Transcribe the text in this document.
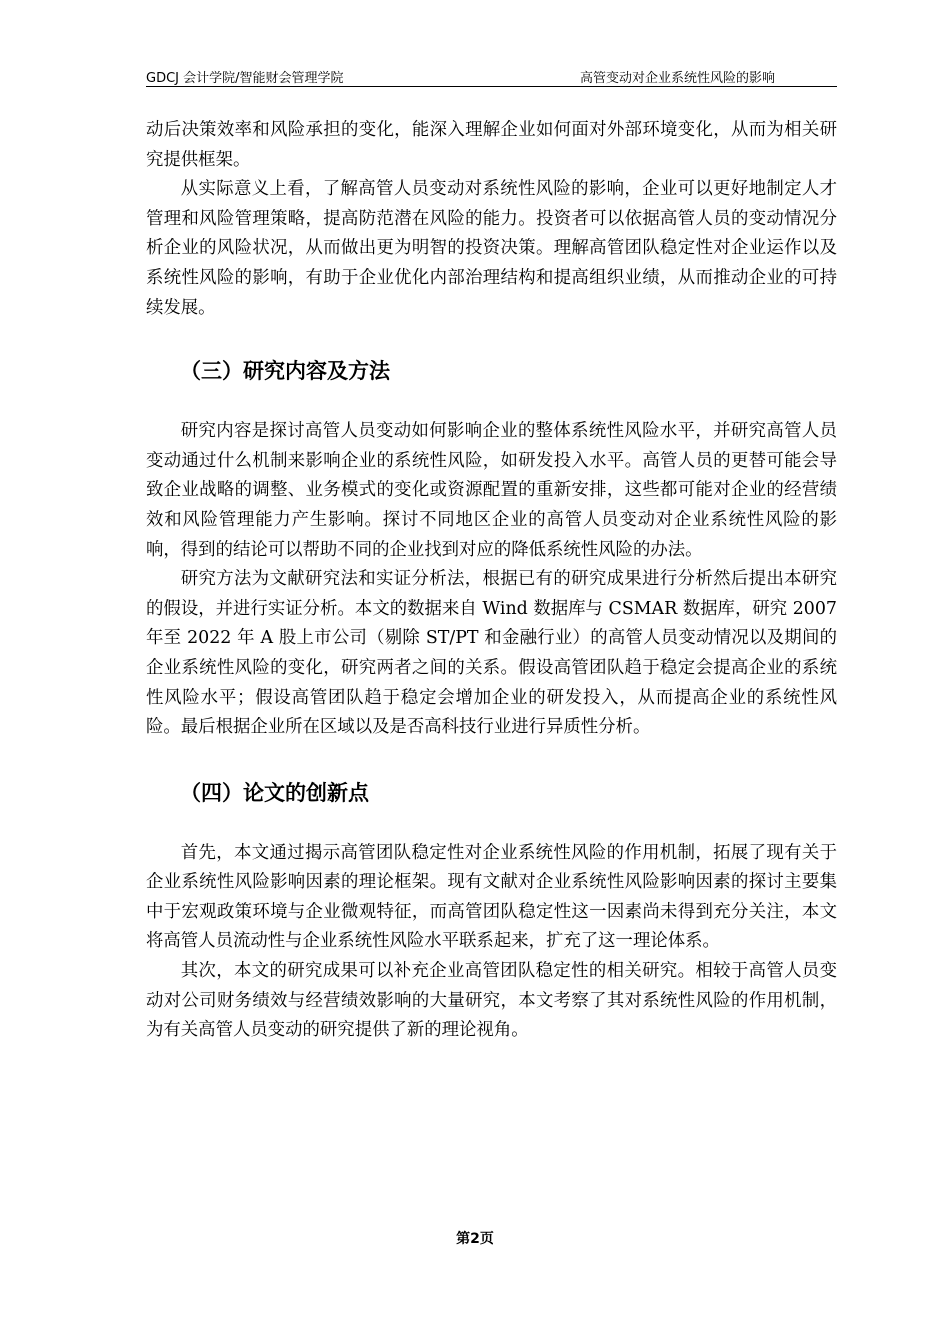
GDCJ 会计学院/智能财会管理学院	高管变动对企业系统性风险的影响

动后决策效率和风险承担的变化，能深入理解企业如何面对外部环境变化，从而为相关研究提供框架。

从实际意义上看，了解高管人员变动对系统性风险的影响，企业可以更好地制定人才管理和风险管理策略，提高防范潜在风险的能力。投资者可以依据高管人员的变动情况分析企业的风险状况，从而做出更为明智的投资决策。理解高管团队稳定性对企业运作以及系统性风险的影响，有助于企业优化内部治理结构和提高组织业绩，从而推动企业的可持续发展。

（三）研究内容及方法

研究内容是探讨高管人员变动如何影响企业的整体系统性风险水平，并研究高管人员变动通过什么机制来影响企业的系统性风险，如研发投入水平。高管人员的更替可能会导致企业战略的调整、业务模式的变化或资源配置的重新安排，这些都可能对企业的经营绩效和风险管理能力产生影响。探讨不同地区企业的高管人员变动对企业系统性风险的影响，得到的结论可以帮助不同的企业找到对应的降低系统性风险的办法。

研究方法为文献研究法和实证分析法，根据已有的研究成果进行分析然后提出本研究的假设，并进行实证分析。本文的数据来自 Wind 数据库与 CSMAR 数据库，研究 2007 年至 2022 年 A 股上市公司（剔除 ST/PT 和金融行业）的高管人员变动情况以及期间的企业系统性风险的变化，研究两者之间的关系。假设高管团队趋于稳定会提高企业的系统性风险水平；假设高管团队趋于稳定会增加企业的研发投入，从而提高企业的系统性风险。最后根据企业所在区域以及是否高科技行业进行异质性分析。

（四）论文的创新点

首先，本文通过揭示高管团队稳定性对企业系统性风险的作用机制，拓展了现有关于企业系统性风险影响因素的理论框架。现有文献对企业系统性风险影响因素的探讨主要集中于宏观政策环境与企业微观特征，而高管团队稳定性这一因素尚未得到充分关注，本文将高管人员流动性与企业系统性风险水平联系起来，扩充了这一理论体系。

其次，本文的研究成果可以补充企业高管团队稳定性的相关研究。相较于高管人员变动对公司财务绩效与经营绩效影响的大量研究，本文考察了其对系统性风险的作用机制，为有关高管人员变动的研究提供了新的理论视角。

第2页
